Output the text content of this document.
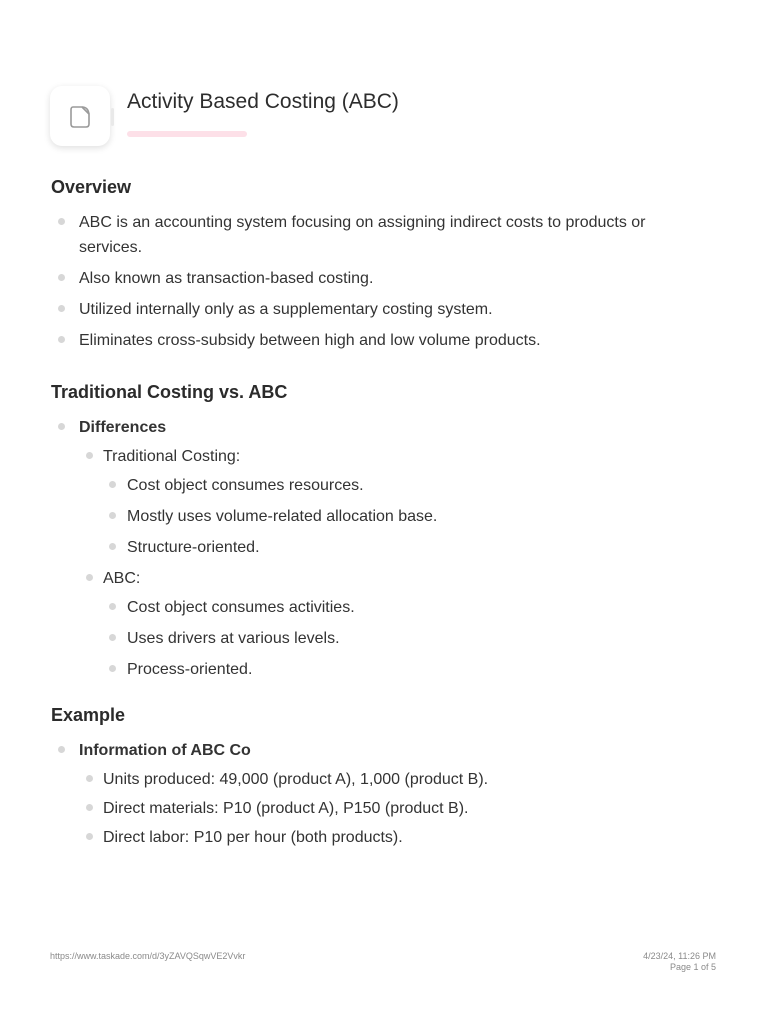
Activity Based Costing (ABC)
Overview
ABC is an accounting system focusing on assigning indirect costs to products or services.
Also known as transaction-based costing.
Utilized internally only as a supplementary costing system.
Eliminates cross-subsidy between high and low volume products.
Traditional Costing vs. ABC
Differences
Traditional Costing:
Cost object consumes resources.
Mostly uses volume-related allocation base.
Structure-oriented.
ABC:
Cost object consumes activities.
Uses drivers at various levels.
Process-oriented.
Example
Information of ABC Co
Units produced: 49,000 (product A), 1,000 (product B).
Direct materials: P10 (product A), P150 (product B).
Direct labor: P10 per hour (both products).
https://www.taskade.com/d/3yZAVQSqwVE2Vvkr	4/23/24, 11:26 PM
Page 1 of 5
